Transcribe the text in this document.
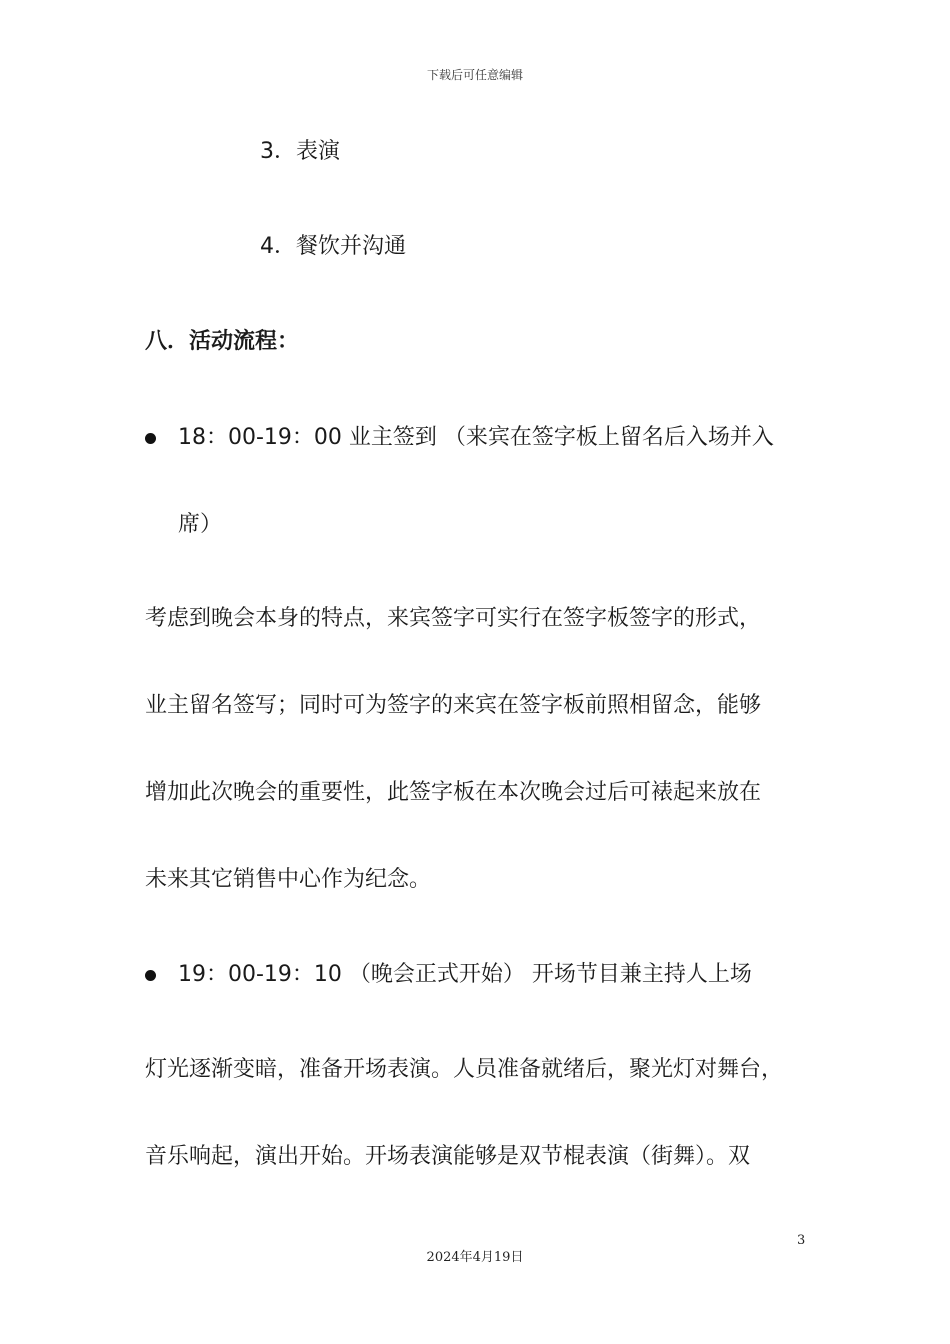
下载后可任意编辑
3．表演
4．餐饮并沟通
八．活动流程：
18：00-19：00 业主签到 （来宾在签字板上留名后入场并入
席）
考虑到晚会本身的特点，来宾签字可实行在签字板签字的形式，
业主留名签写；同时可为签字的来宾在签字板前照相留念，能够
增加此次晚会的重要性，此签字板在本次晚会过后可裱起来放在
未来其它销售中心作为纪念。
19：00-19：10 （晚会正式开始） 开场节目兼主持人上场
灯光逐渐变暗，准备开场表演。人员准备就绪后，聚光灯对舞台，
音乐响起，演出开始。开场表演能够是双节棍表演（街舞）。双
3
2024年4月19日
